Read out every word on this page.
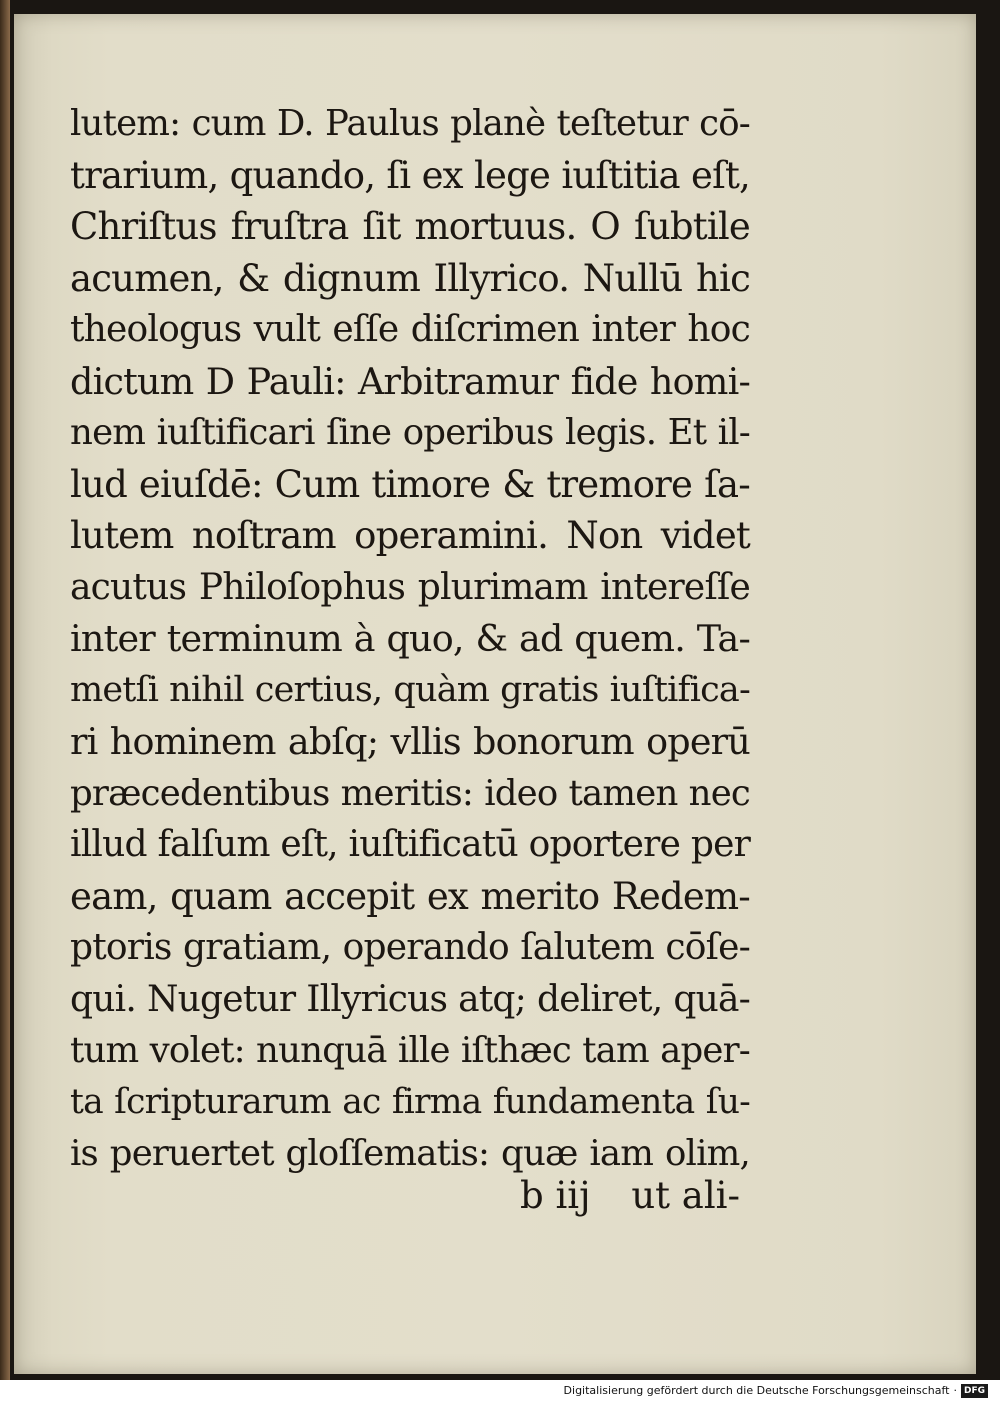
lutem: cum D. Paulus planè teſtetur cō-
trarium, quando, ſi ex lege iuſtitia eſt,
Chriſtus fruſtra ſit mortuus. O ſubtile
acumen, & dignum Illyrico. Nullū hic
theologus vult eſſe diſcrimen inter hoc
dictum D Pauli: Arbitramur fide homi-
nem iuſtificari ſine operibus legis. Et il-
lud eiuſdē: Cum timore & tremore ſa-
lutem noſtram operamini. Non videt
acutus Philoſophus plurimam intereſſe
inter terminum à quo, & ad quem. Ta-
metſi nihil certius, quàm gratis iuſtifica-
ri hominem abſq; vllis bonorum operū
præcedentibus meritis: ideo tamen nec
illud falſum eſt, iuſtificatū oportere per
eam, quam accepit ex merito Redem-
ptoris gratiam, operando ſalutem cōſe-
qui. Nugetur Illyricus atq; deliret, quā-
tum volet: nunquā ille iſthæc tam aper-
ta ſcripturarum ac firma fundamenta ſu-
is peruertet gloſſematis: quæ iam olim,
b iij ut ali-
Digitalisierung gefördert durch die Deutsche Forschungsgemeinschaft · DFG
